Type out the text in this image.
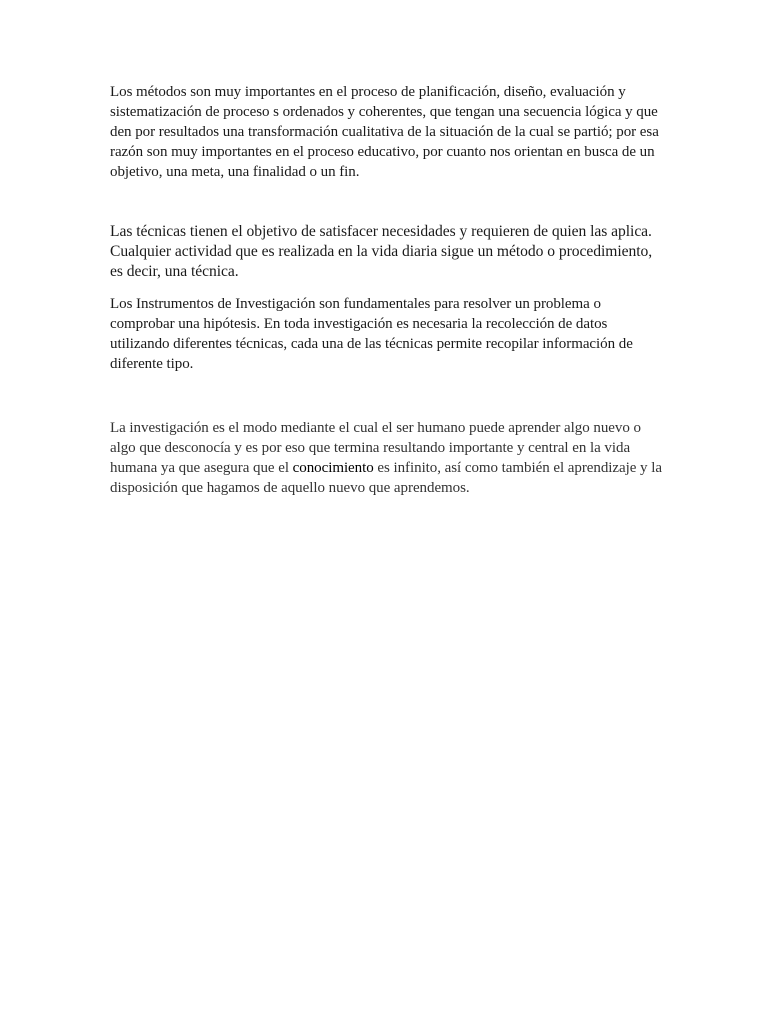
Los métodos son muy importantes en el proceso de planificación, diseño, evaluación y sistematización de proceso s ordenados y coherentes, que tengan una secuencia lógica y que den por resultados una transformación cualitativa de la situación de la cual se partió; por esa razón son muy importantes en el proceso educativo, por cuanto nos orientan en busca de un objetivo, una meta, una finalidad o un fin.

Las técnicas tienen el objetivo de satisfacer necesidades y requieren de quien las aplica. Cualquier actividad que es realizada en la vida diaria sigue un método o procedimiento, es decir, una técnica.

Los Instrumentos de Investigación son fundamentales para resolver un problema o comprobar una hipótesis. En toda investigación es necesaria la recolección de datos utilizando diferentes técnicas, cada una de las técnicas permite recopilar información de diferente tipo.

La investigación es el modo mediante el cual el ser humano puede aprender algo nuevo o algo que desconocía y es por eso que termina resultando importante y central en la vida humana ya que asegura que el conocimiento es infinito, así como también el aprendizaje y la disposición que hagamos de aquello nuevo que aprendemos.
